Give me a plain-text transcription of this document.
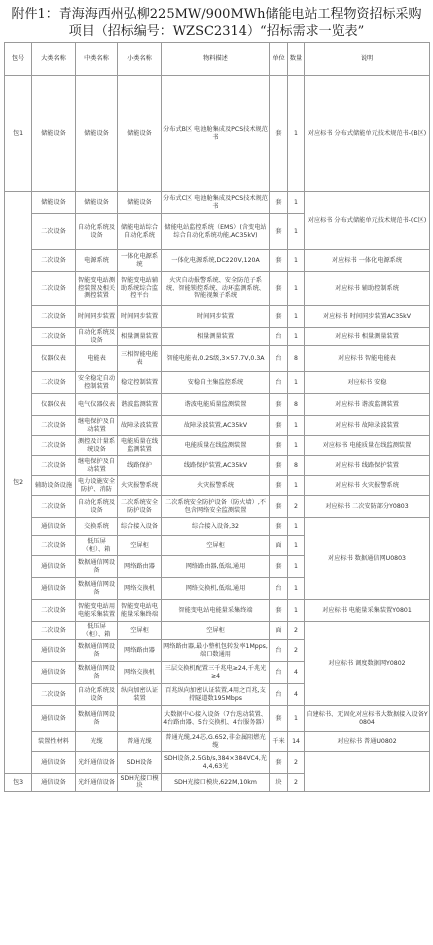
附件1：青海海西州弘柳225MW/900MWh储能电站工程物资招标采购项目（招标编号：WZSC2314）“招标需求一览表”
包号	大类名称	中类名称	小类名称	物料描述	单位	数量	说明
包1	储能设备	储能设备	储能设备	分布式B区 电池舱集成及PCS技术规范书	套	1	对应标书 分布式储能单元技术规范书-(B区)
包2	储能设备	储能设备	储能设备	分布式C区 电池舱集成及PCS技术规范书	套	1	对应标书 分布式储能单元技术规范书-(C区)
	二次设备	自动化系统及设备	储能电站综合自动化系统	储能电站监控系统（EMS）(含变电站综合自动化系统功能,AC35kV)	套	1	
	二次设备	电源系统	一体化电源系统	一体化电源系统,DC220V,120A	套	1	对应标书 一体化电源系统
	二次设备	智能变电站测控装置及相关测控装置	智能变电站辅助系统综合监控平台	火灾自动报警系统、安全防范子系统、智能锁控系统、动环监测系统、智能视频子系统	套	1	对应标书 辅助控制系统
	二次设备	时间同步装置	时间同步装置	时间同步装置	套	1	对应标书 时间同步装置AC35kV
	二次设备	自动化系统及设备	相量测量装置	相量测量装置	台	1	对应标书 相量测量装置
	仪器仪表	电能表	三相智能电能表	智能电能表,0.2S级,3×57.7V,0.3A	台	8	对应标书 智能电能表
	二次设备	安全稳定自动控制装置	稳定控制装置	安稳自主集监控系统	台	1	对应标书 安稳
	仪器仪表	电气仪器仪表	谐波监测装置	谐波电能质量监测装置	套	8	对应标书 谐波监测装置
	二次设备	继电保护及自动装置	故障录波装置	故障录波装置,AC35kV	套	1	对应标书 故障录波装置
	二次设备	测控及计量系统设备	电能质量在线监测装置	电能质量在线监测装置	套	1	对应标书 电能质量在线监测装置
	二次设备	继电保护及自动装置	线路保护	线路保护装置,AC35kV	套	8	对应标书 线路保护装置
	辅助设备设施	电力设施安全防护、消防	火灾报警系统	火灾报警系统	套	1	对应标书 火灾报警系统
	二次设备	自动化系统及设备	二次系统安全防护设备	二次系统安全防护设备（防火墙）,不包含网络安全监测装置	套	2	对应标书 二次安防部分Y0803
	通信设备	交换系统	综合接入设备	综合接入设备,32	套	1	对应标书 数据通信网U0803
	二次设备	低压屏（柜）、箱	空屏柜	空屏柜	面	1	
	通信设备	数据通信网设备	网络路由器	网络路由器,低端,通用	套	1	
	通信设备	数据通信网设备	网络交换机	网络交换机,低端,通用	台	1	
	二次设备	智能变电站用电能采集装置	智能变电站电能量采集终端	智能变电站电能量采集终端	套	1	对应标书 电能量采集装置Y0801
	二次设备	低压屏（柜）、箱	空屏柜	空屏柜	面	2	对应标书 调度数据网Y0802
	通信设备	数据通信网设备	网络路由器	网络路由器,最小整机包转发率1Mpps,端口数通用	台	2	
	通信设备	数据通信网设备	网络交换机	三层交换机配置三千兆电≥24,千兆光≥4	台	4	
	二次设备	自动化系统及设备	纵向加密认证装置	百兆纵向加密认证装置,4用之百兆,支持隧道数195Mbps	台	4	
	通信设备	数据通信网设备		大数据中心接入设备（7台迭动装置、4台路由器、5台交换机、4台服务器）	套	1	自建标书、无固化对应标书大数据接入设备Y0804
	装置性材料	光缆	普通光缆	普通光缆,24芯,G.652,非金属阻燃光缆	千米	14	对应标书 普通U0802
	通信设备	光纤通信设备	SDH设备	SDH设备,2.5Gb/s,384×384VC4,光4,4,63光	套	2	
包3	通信设备	光纤通信设备	SDH光接口模块	SDH光接口模块,622M,10km	块	2	
